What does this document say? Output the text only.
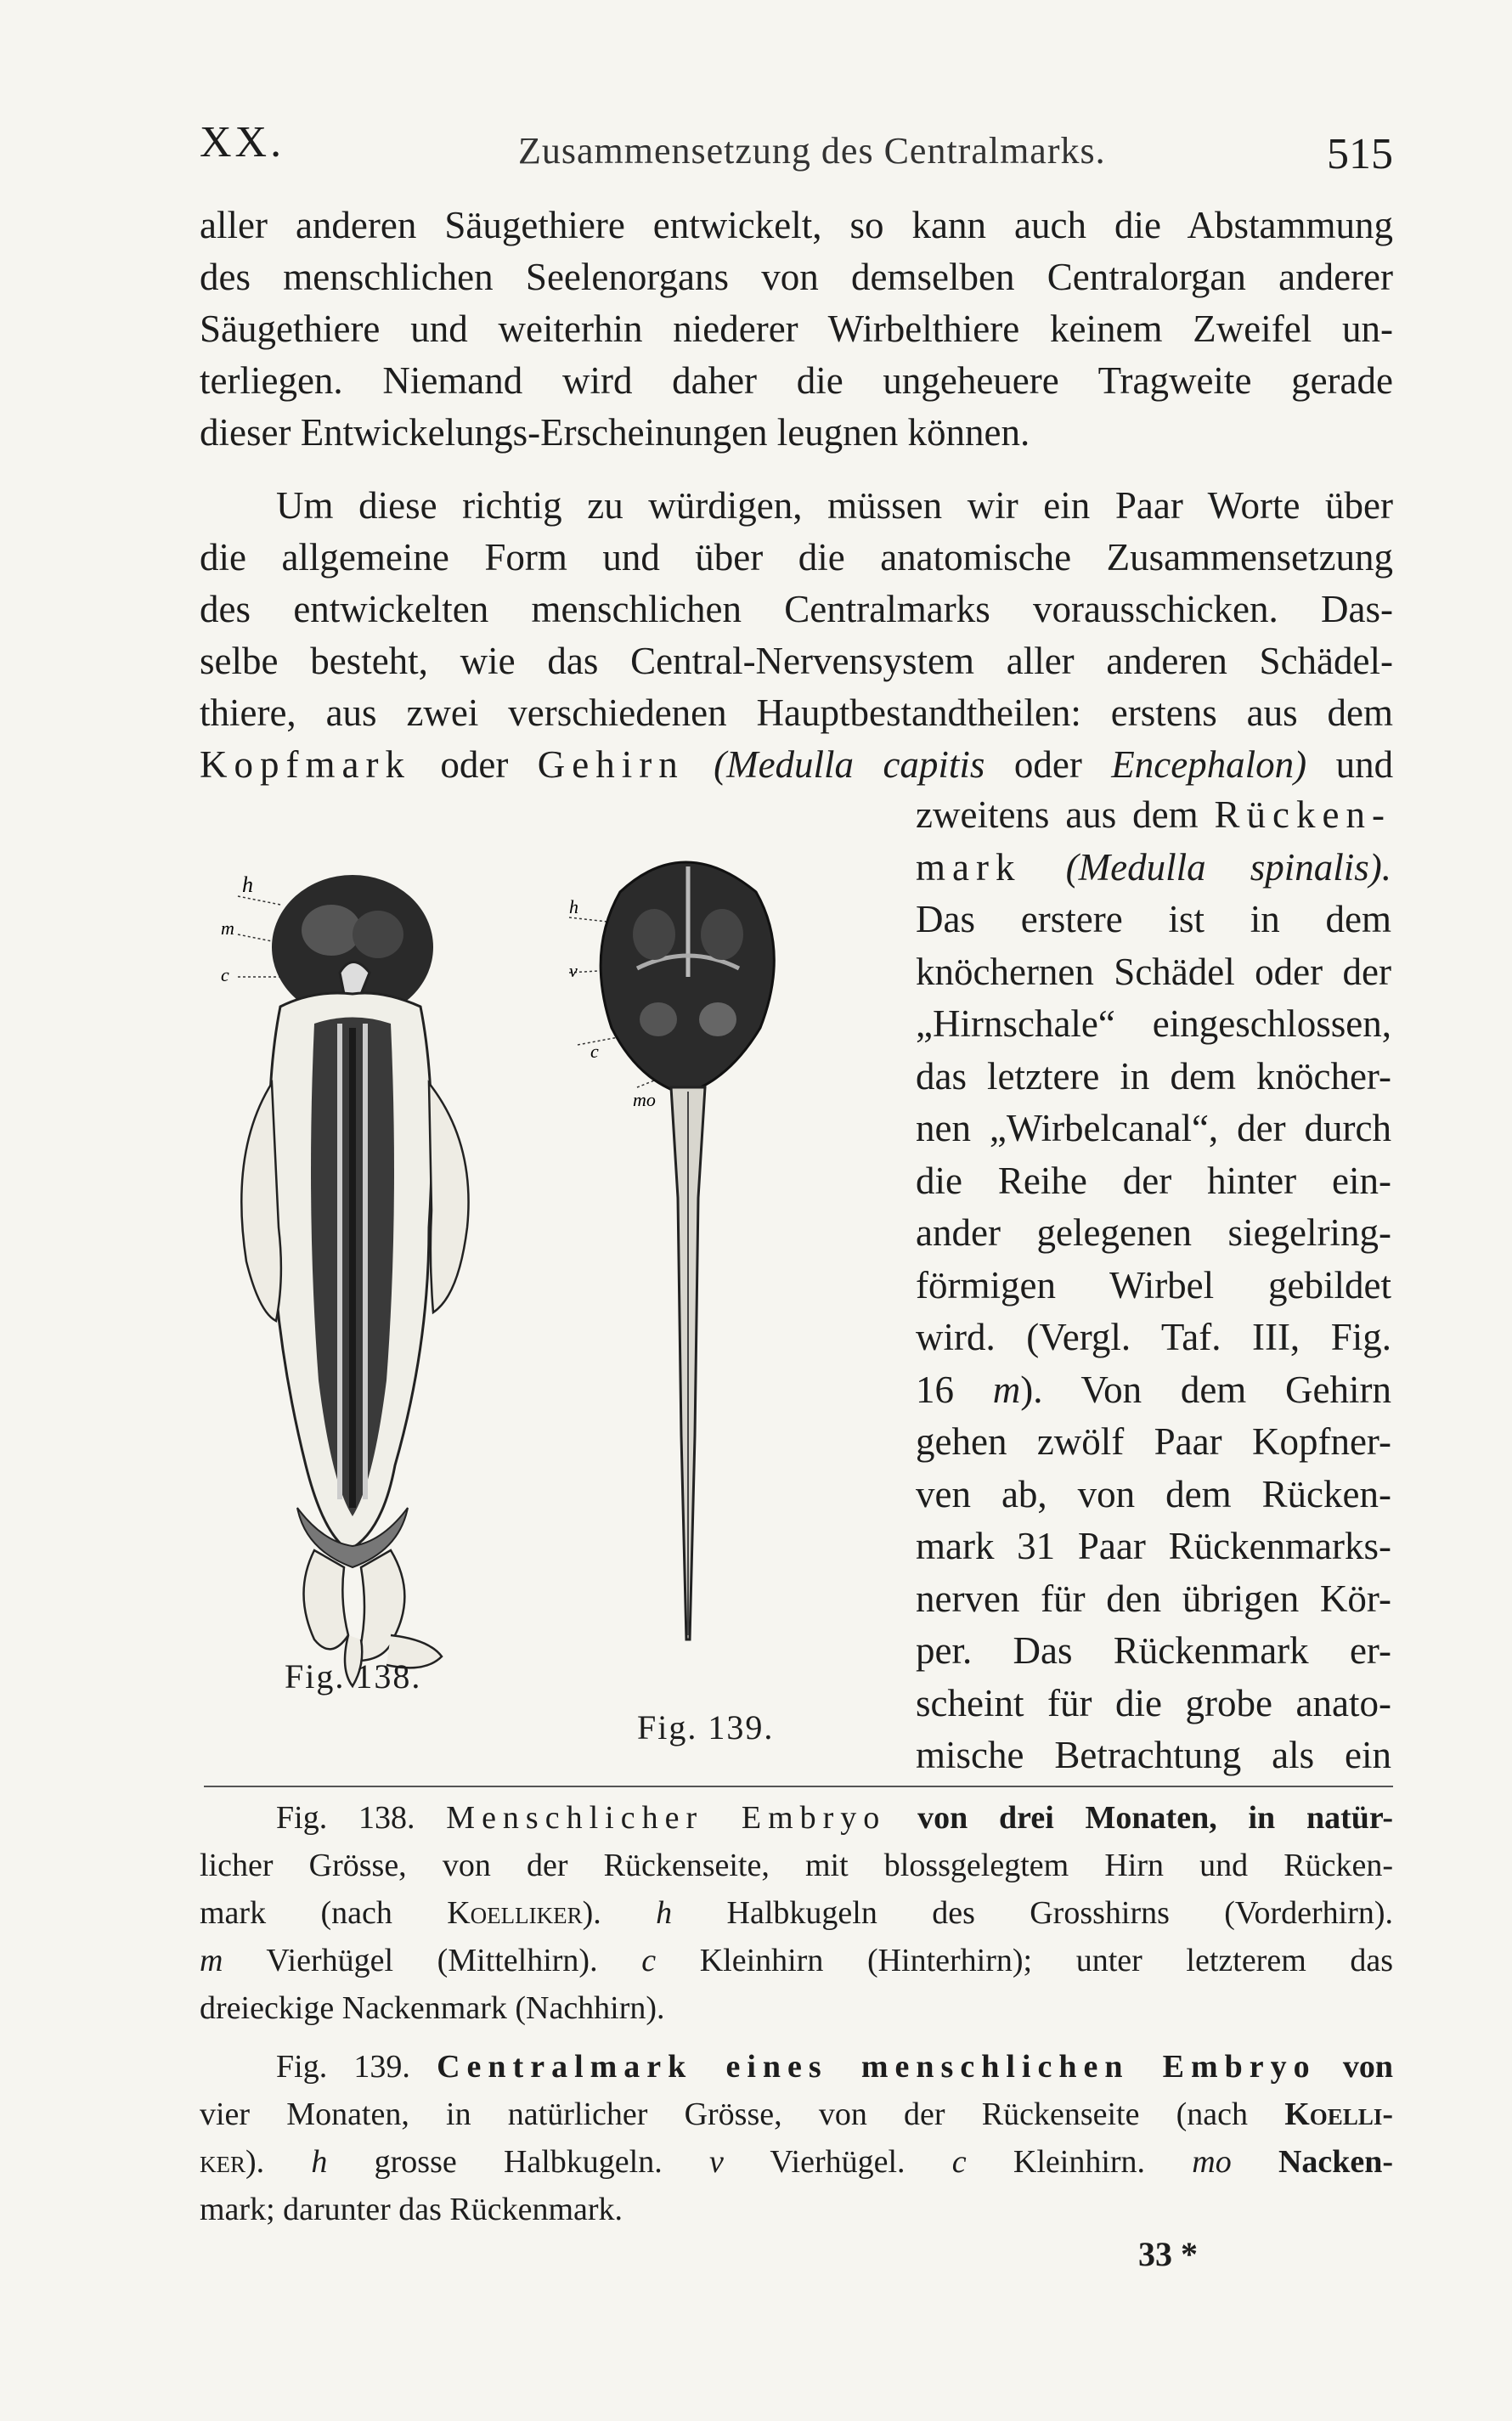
XX.	Zusammensetzung des Centralmarks.	515
aller anderen Säugethiere entwickelt, so kann auch die Abstammung
des menschlichen Seelenorgans von demselben Centralorgan anderer
Säugethiere und weiterhin niederer Wirbelthiere keinem Zweifel un-
terliegen. Niemand wird daher die ungeheuere Tragweite gerade
dieser Entwickelungs-Erscheinungen leugnen können.
Um diese richtig zu würdigen, müssen wir ein Paar Worte über
die allgemeine Form und über die anatomische Zusammensetzung
des entwickelten menschlichen Centralmarks vorausschicken. Das-
selbe besteht, wie das Central-Nervensystem aller anderen Schädel-
thiere, aus zwei verschiedenen Hauptbestandtheilen: erstens aus dem
Kopfmark oder Gehirn (Medulla capitis oder Encephalon) und
zweitens aus dem Rücken-
mark (Medulla spinalis).
Das erstere ist in dem
knöchernen Schädel oder der
„Hirnschale“ eingeschlossen,
das letztere in dem knöcher-
nen „Wirbelcanal“, der durch
die Reihe der hinter ein-
ander gelegenen siegelring-
förmigen Wirbel gebildet
wird. (Vergl. Taf. III, Fig.
16 m). Von dem Gehirn
gehen zwölf Paar Kopfner-
ven ab, von dem Rücken-
mark 31 Paar Rückenmarks-
nerven für den übrigen Kör-
per. Das Rückenmark er-
scheint für die grobe anato-
mische Betrachtung als ein
h
m
c
h
v
c
mo
Fig. 138.
Fig. 139.
Fig. 138. Menschlicher Embryo von drei Monaten, in natür-
licher Grösse, von der Rückenseite, mit blossgelegtem Hirn und Rücken-
mark (nach Koelliker). h Halbkugeln des Grosshirns (Vorderhirn).
m Vierhügel (Mittelhirn). c Kleinhirn (Hinterhirn); unter letzterem das
dreieckige Nackenmark (Nachhirn).
Fig. 139. Centralmark eines menschlichen Embryo von
vier Monaten, in natürlicher Grösse, von der Rückenseite (nach Koelli-
ker). h grosse Halbkugeln. v Vierhügel. c Kleinhirn. mo Nacken-
mark; darunter das Rückenmark.
33 *
